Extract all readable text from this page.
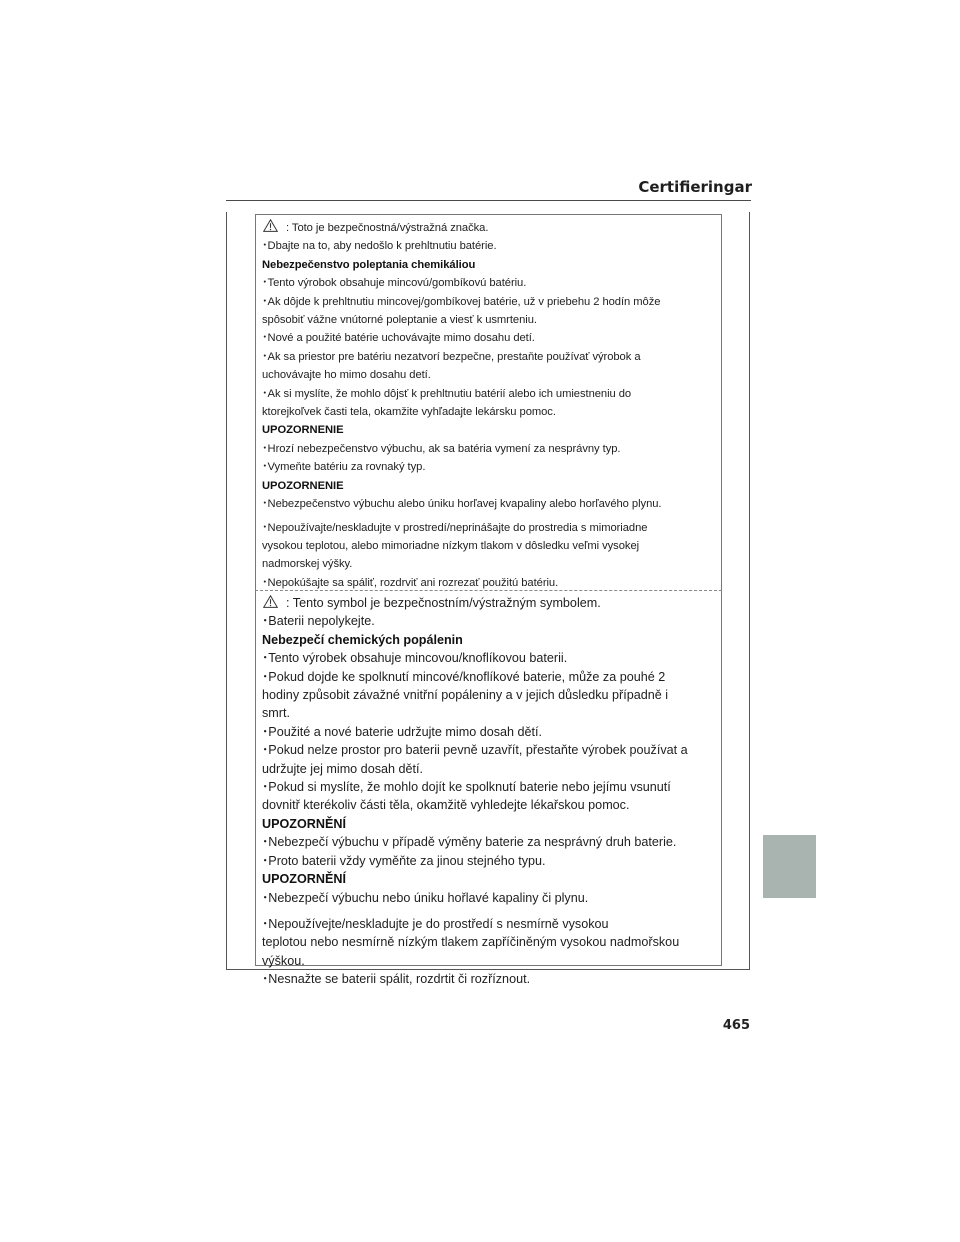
Certifieringar
: Toto je bezpečnostná/výstražná značka.
･Dbajte na to, aby nedošlo k prehltnutiu batérie.
Nebezpečenstvo poleptania chemikáliou
･Tento výrobok obsahuje mincovú/gombíkovú batériu.
･Ak dôjde k prehltnutiu mincovej/gombíkovej batérie, už v priebehu 2 hodín môže
spôsobiť vážne vnútorné poleptanie a viesť k usmrteniu.
･Nové a použité batérie uchovávajte mimo dosahu detí.
･Ak sa priestor pre batériu nezatvorí bezpečne, prestaňte používať výrobok a
uchovávajte ho mimo dosahu detí.
･Ak si myslíte, že mohlo dôjsť k prehltnutiu batérií alebo ich umiestneniu do
ktorejkoľvek časti tela, okamžite vyhľadajte lekársku pomoc.
UPOZORNENIE
･Hrozí nebezpečenstvo výbuchu, ak sa batéria vymení za nesprávny typ.
･Vymeňte batériu za rovnaký typ.
UPOZORNENIE
･Nebezpečenstvo výbuchu alebo úniku horľavej kvapaliny alebo horľavého plynu.
･Nepoužívajte/neskladujte v prostredí/neprinášajte do prostredia s mimoriadne
vysokou teplotou, alebo mimoriadne nízkym tlakom v dôsledku veľmi vysokej
nadmorskej výšky.
･Nepokúšajte sa spáliť, rozdrviť ani rozrezať použitú batériu.
: Tento symbol je bezpečnostním/výstražným symbolem.
･Baterii nepolykejte.
Nebezpečí chemických popálenin
･Tento výrobek obsahuje mincovou/knoflíkovou baterii.
･Pokud dojde ke spolknutí mincové/knoflíkové baterie, může za pouhé 2
hodiny způsobit závažné vnitřní popáleniny a v jejich důsledku případně i
smrt.
･Použité a nové baterie udržujte mimo dosah dětí.
･Pokud nelze prostor pro baterii pevně uzavřít, přestaňte výrobek používat a
udržujte jej mimo dosah dětí.
･Pokud si myslíte, že mohlo dojít ke spolknutí baterie nebo jejímu vsunutí
dovnitř kterékoliv části těla, okamžitě vyhledejte lékařskou pomoc.
UPOZORNĚNÍ
･Nebezpečí výbuchu v případě výměny baterie za nesprávný druh baterie.
･Proto baterii vždy vyměňte za jinou stejného typu.
UPOZORNĚNÍ
･Nebezpečí výbuchu nebo úniku hořlavé kapaliny či plynu.
･Nepoužívejte/neskladujte je do prostředí s nesmírně vysokou
teplotou nebo nesmírně nízkým tlakem zapříčiněným vysokou nadmořskou
výškou.
･Nesnažte se baterii spálit, rozdrtit či rozříznout.
465
